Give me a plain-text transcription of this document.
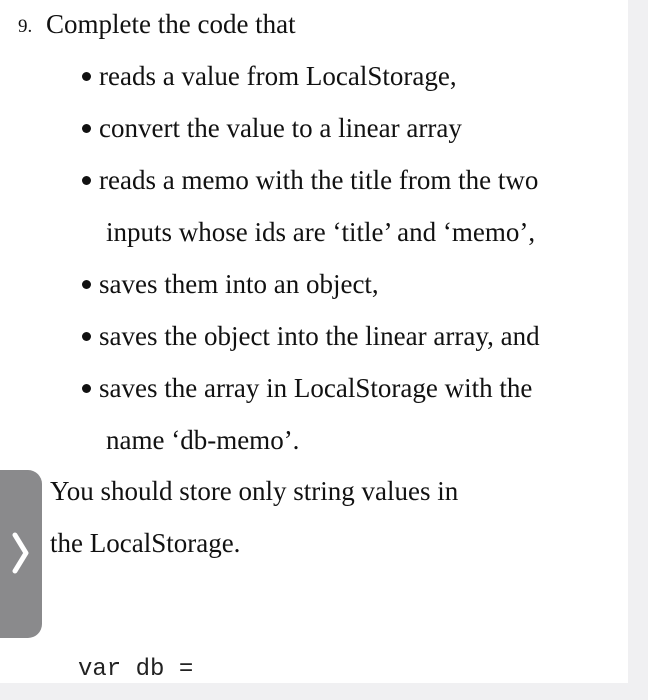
9. Complete the code that
reads a value from LocalStorage,
convert the value to a linear array
reads a memo with the title from the two
inputs whose ids are ‘title’ and ‘memo’,
saves them into an object,
saves the object into the linear array, and
saves the array in LocalStorage with the
name ‘db-memo’.
You should store only string values in
the LocalStorage.
var db =
